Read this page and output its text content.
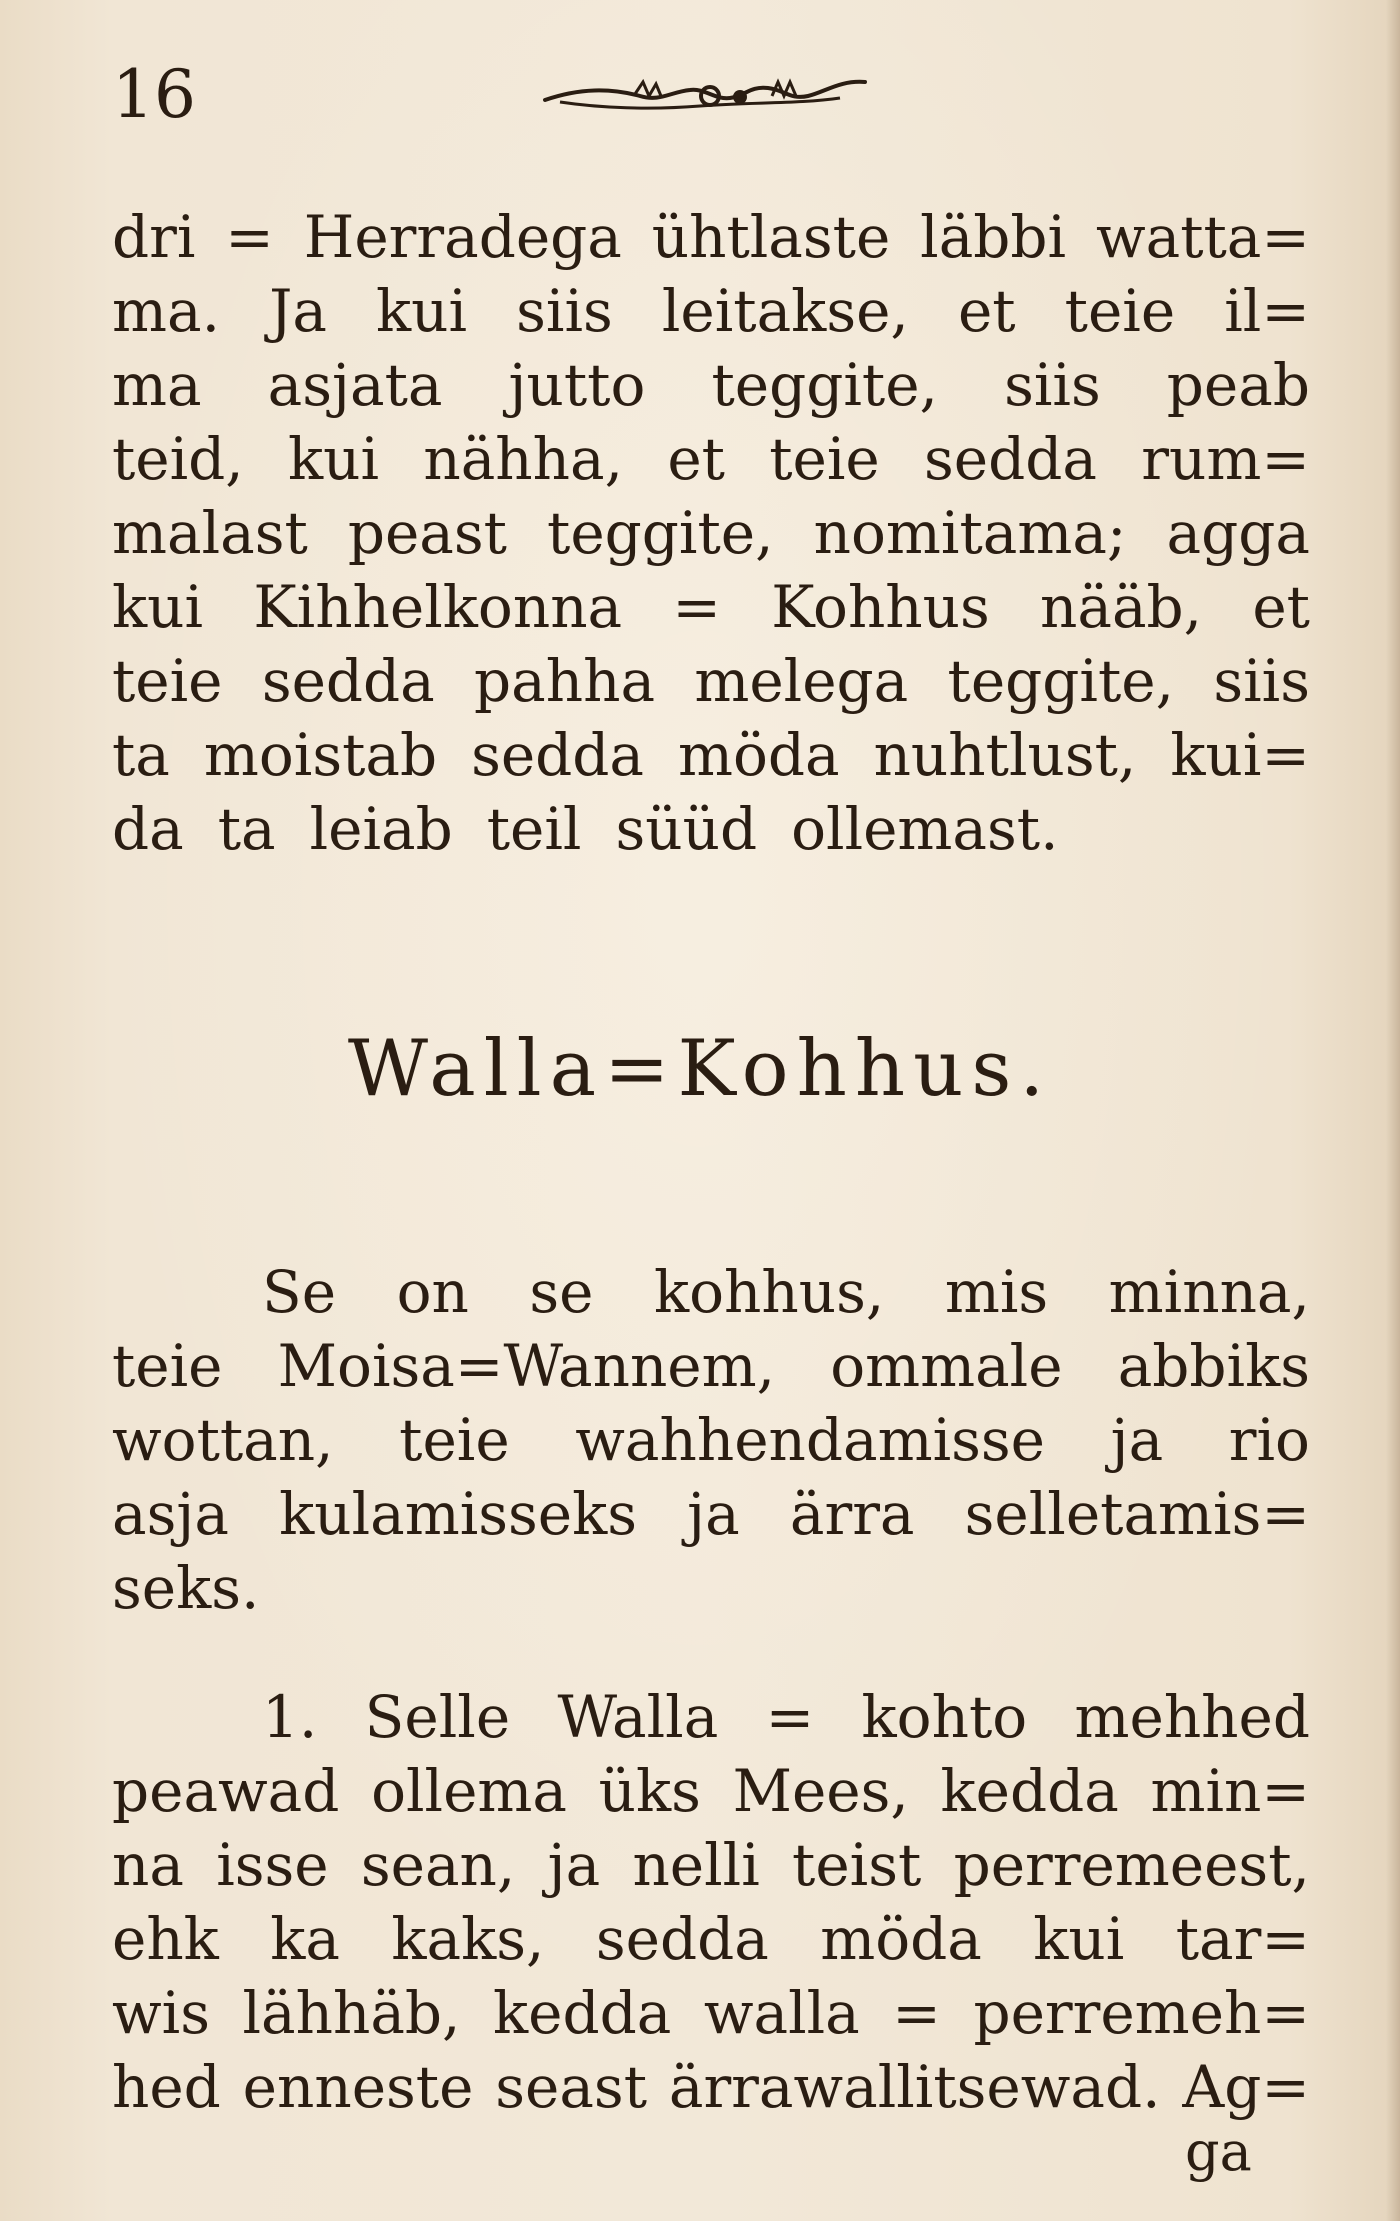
16
dri = Herradega ühtlaste läbbi watta=
ma. Ja kui siis leitakse, et teie il=
ma asjata jutto teggite, siis peab
teid, kui nähha, et teie sedda rum=
malast peast teggite, nomitama; agga
kui Kihhelkonna = Kohhus nääb, et
teie sedda pahha melega teggite, siis
ta moistab sedda möda nuhtlust, kui=
da ta leiab teil süüd ollemast.
Walla=Kohhus.
Se on se kohhus, mis minna,
teie Moisa=Wannem, ommale abbiks
wottan, teie wahhendamisse ja rio
asja kulamisseks ja ärra selletamis=
seks.
1. Selle Walla = kohto mehhed
peawad ollema üks Mees, kedda min=
na isse sean, ja nelli teist perremeest,
ehk ka kaks, sedda möda kui tar=
wis lähhäb, kedda walla = perremeh=
hed enneste seast ärrawallitsewad. Ag=
ga
